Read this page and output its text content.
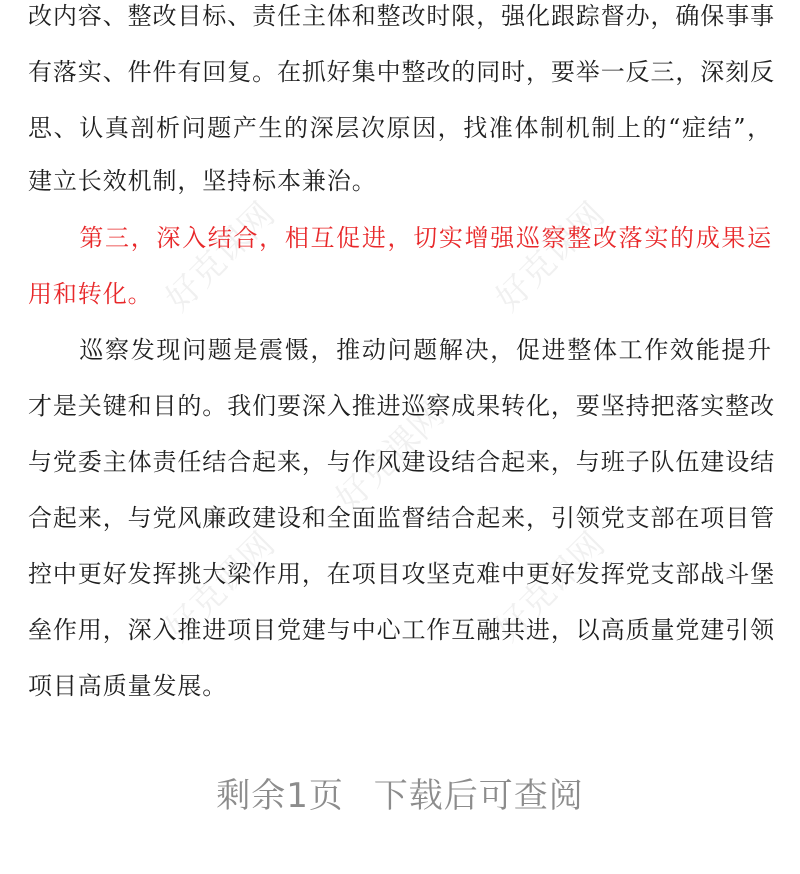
好克课网	好克课网
好克课网
好克课网	好克课网
改内容、整改目标、责任主体和整改时限，强化跟踪督办，确保事事
有落实、件件有回复。在抓好集中整改的同时，要举一反三，深刻反
思、认真剖析问题产生的深层次原因，找准体制机制上的“症结”，
建立长效机制，坚持标本兼治。
　　第三，深入结合，相互促进，切实增强巡察整改落实的成果运
用和转化。
　　巡察发现问题是震慑，推动问题解决，促进整体工作效能提升
才是关键和目的。我们要深入推进巡察成果转化，要坚持把落实整改
与党委主体责任结合起来，与作风建设结合起来，与班子队伍建设结
合起来，与党风廉政建设和全面监督结合起来，引领党支部在项目管
控中更好发挥挑大梁作用，在项目攻坚克难中更好发挥党支部战斗堡
垒作用，深入推进项目党建与中心工作互融共进，以高质量党建引领
项目高质量发展。
剩余1页 下载后可查阅
